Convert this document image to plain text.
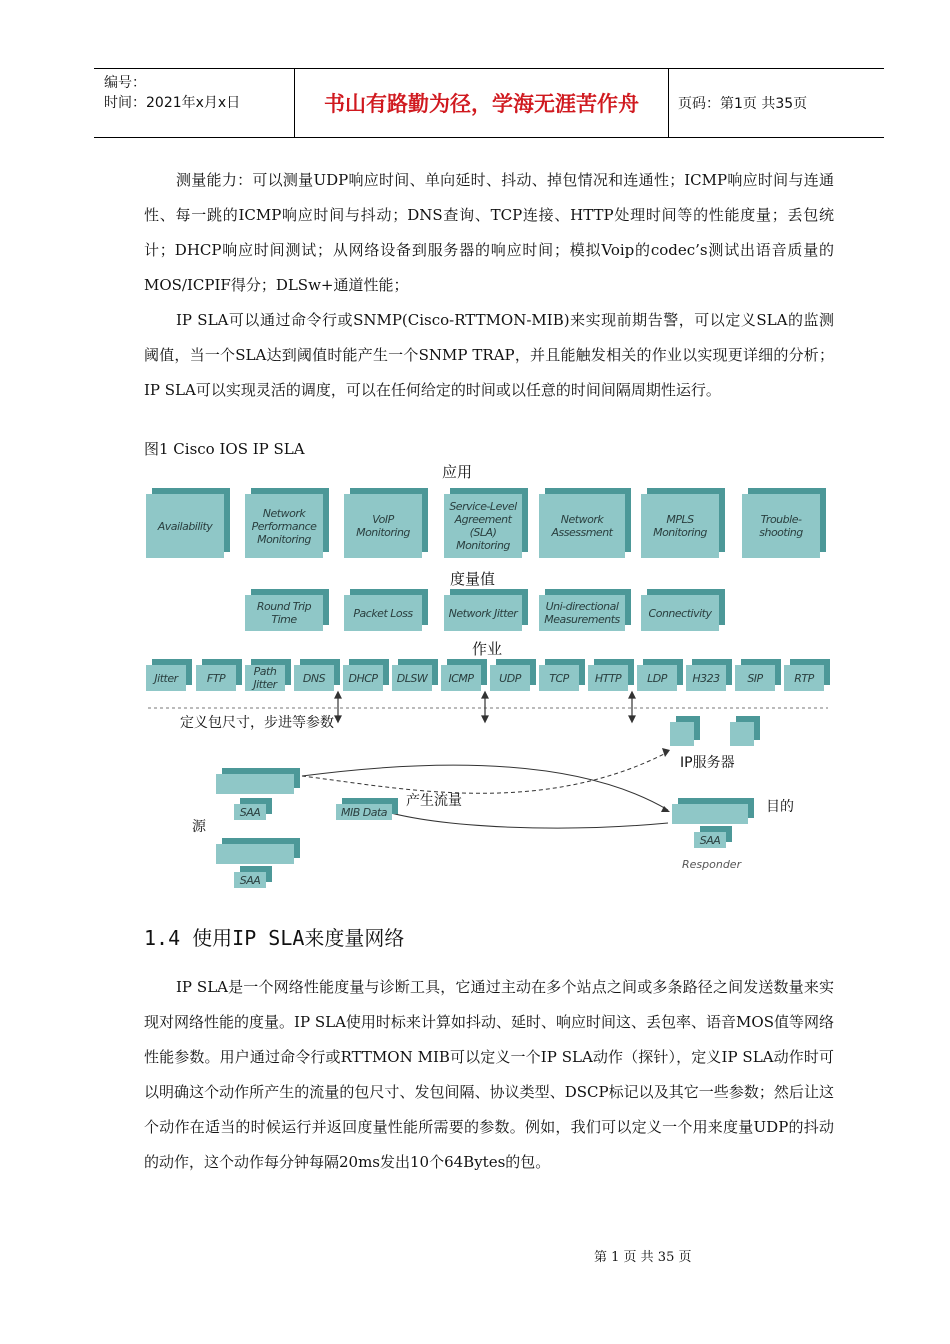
编号：
时间：2021年x月x日	书山有路勤为径，学海无涯苦作舟	页码：第1页 共35页

测量能力：可以测量UDP响应时间、单向延时、抖动、掉包情况和连通性；ICMP响应时间与连通性、每一跳的ICMP响应时间与抖动；DNS查询、TCP连接、HTTP处理时间等的性能度量；丢包统计；DHCP响应时间测试；从网络设备到服务器的响应时间；模拟Voip的codec’s测试出语音质量的MOS/ICPIF得分；DLSw+通道性能；

IP SLA可以通过命令行或SNMP(Cisco-RTTMON-MIB)来实现前期告警，可以定义SLA的监测阈值，当一个SLA达到阈值时能产生一个SNMP TRAP，并且能触发相关的作业以实现更详细的分析；IP SLA可以实现灵活的调度，可以在任何给定的时间或以任意的时间间隔周期性运行。

图1 Cisco IOS IP SLA
应用
Availability
Network Performance Monitoring
VoIP Monitoring
Service-Level Agreement (SLA) Monitoring
Network Assessment
MPLS Monitoring
Trouble-shooting
度量值
Round Trip Time	Packet Loss	Network Jitter	Uni-directional Measurements	Connectivity
作业
Jitter	FTP	Path Jitter	DNS	DHCP	DLSW	ICMP	UDP	TCP	HTTP	LDP	H323	SIP	RTP
定义包尺寸，步进等参数
IP服务器
SAA
SAA
源
MIB Data
产生流量
SAA
Responder
目的
1.4 使用IP SLA来度量网络

IP SLA是一个网络性能度量与诊断工具，它通过主动在多个站点之间或多条路径之间发送数量来实现对网络性能的度量。IP SLA使用时标来计算如抖动、延时、响应时间这、丢包率、语音MOS值等网络性能参数。用户通过命令行或RTTMON MIB可以定义一个IP SLA动作（探针），定义IP SLA动作时可以明确这个动作所产生的流量的包尺寸、发包间隔、协议类型、DSCP标记以及其它一些参数；然后让这个动作在适当的时候运行并返回度量性能所需要的参数。例如，我们可以定义一个用来度量UDP的抖动的动作，这个动作每分钟每隔20ms发出10个64Bytes的包。

第 1 页 共 35 页
